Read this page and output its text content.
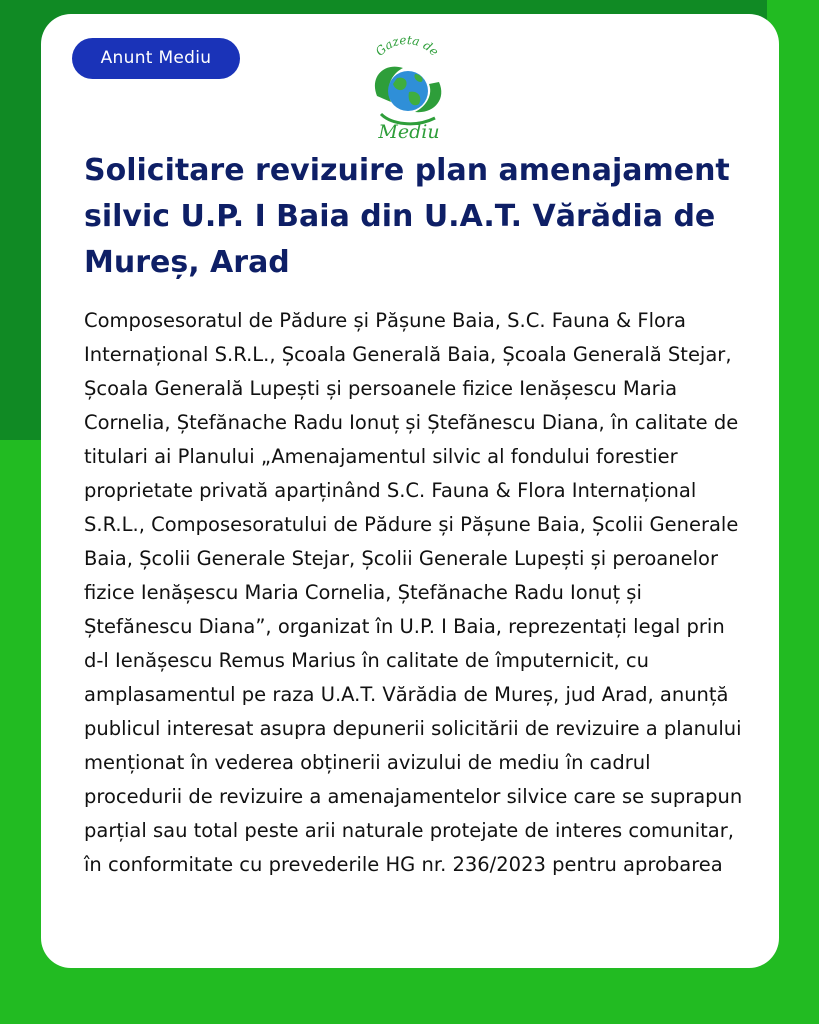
Anunt Mediu	Gazeta de
Mediu
Solicitare revizuire plan amenajament silvic U.P. I Baia din U.A.T. Vărădia de Mureș, Arad

Composesoratul de Pădure și Pășune Baia, S.C. Fauna & Flora Internațional S.R.L., Școala Generală Baia, Școala Generală Stejar, Școala Generală Lupești și persoanele fizice Ienășescu Maria Cornelia, Ștefănache Radu Ionuț și Ștefănescu Diana, în calitate de titulari ai Planului „Amenajamentul silvic al fondului forestier proprietate privată aparținând S.C. Fauna & Flora Internațional S.R.L., Composesoratului de Pădure și Pășune Baia, Școlii Generale Baia, Școlii Generale Stejar, Școlii Generale Lupești și peroanelor fizice Ienășescu Maria Cornelia, Ștefănache Radu Ionuț și Ștefănescu Diana”, organizat în U.P. I Baia, reprezentați legal prin d-l Ienășescu Remus Marius în calitate de împuternicit, cu amplasamentul pe raza U.A.T. Vărădia de Mureș, jud Arad, anunță publicul interesat asupra depunerii solicitării de revizuire a planului menționat în vederea obținerii avizului de mediu în cadrul procedurii de revizuire a amenajamentelor silvice care se suprapun parțial sau total peste arii naturale protejate de interes comunitar, în conformitate cu prevederile HG nr. 236/2023 pentru aprobarea
